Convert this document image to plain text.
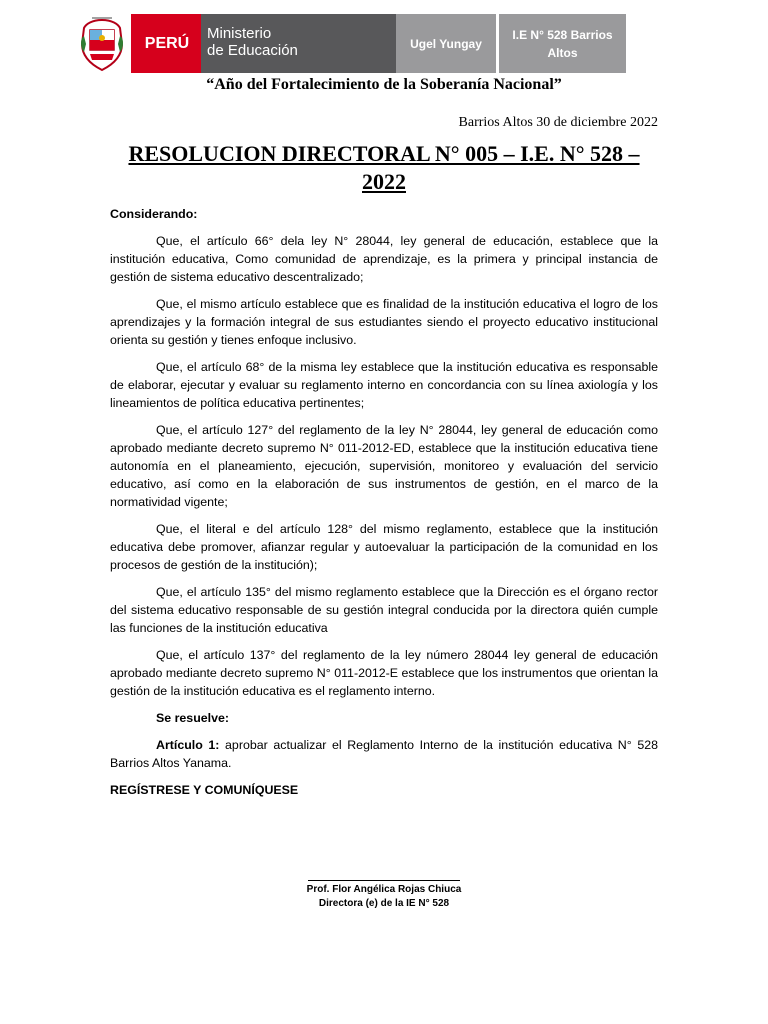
PERÚ
Ministerio
de Educación	Ugel Yungay
I.E N° 528 Barrios Altos
“Año del Fortalecimiento de la Soberanía Nacional”
Barrios Altos 30 de diciembre 2022
RESOLUCION DIRECTORAL N° 005 – I.E. N° 528 –
2022

Considerando:

Que, el artículo 66° dela ley N° 28044, ley general de educación, establece que la institución educativa, Como comunidad de aprendizaje, es la primera y principal instancia de gestión de sistema educativo descentralizado;

Que, el mismo artículo establece que es finalidad de la institución educativa el logro de los aprendizajes y la formación integral de sus estudiantes siendo el proyecto educativo institucional orienta su gestión y tienes enfoque inclusivo.

Que, el artículo 68° de la misma ley establece que la institución educativa es responsable de elaborar, ejecutar y evaluar su reglamento interno en concordancia con su línea axiología y los lineamientos de política educativa pertinentes;

Que, el artículo 127° del reglamento de la ley N° 28044, ley general de educación como aprobado mediante decreto supremo N° 011-2012-ED, establece que la institución educativa tiene autonomía en el planeamiento, ejecución, supervisión, monitoreo y evaluación del servicio educativo, así como en la elaboración de sus instrumentos de gestión, en el marco de la normatividad vigente;

Que, el literal e del artículo 128° del mismo reglamento, establece que la institución educativa debe promover, afianzar regular y autoevaluar la participación de la comunidad en los procesos de gestión de la institución);

Que, el artículo 135° del mismo reglamento establece que la Dirección es el órgano rector del sistema educativo responsable de su gestión integral conducida por la directora quién cumple las funciones de la institución educativa

Que, el artículo 137° del reglamento de la ley número 28044 ley general de educación aprobado mediante decreto supremo N° 011-2012-E establece que los instrumentos que orientan la gestión de la institución educativa es el reglamento interno.

Se resuelve:

Artículo 1: aprobar actualizar el Reglamento Interno de la institución educativa N° 528 Barrios Altos Yanama.

REGÍSTRESE Y COMUNÍQUESE

Prof. Flor Angélica Rojas Chiuca
Directora (e) de la IE N° 528
